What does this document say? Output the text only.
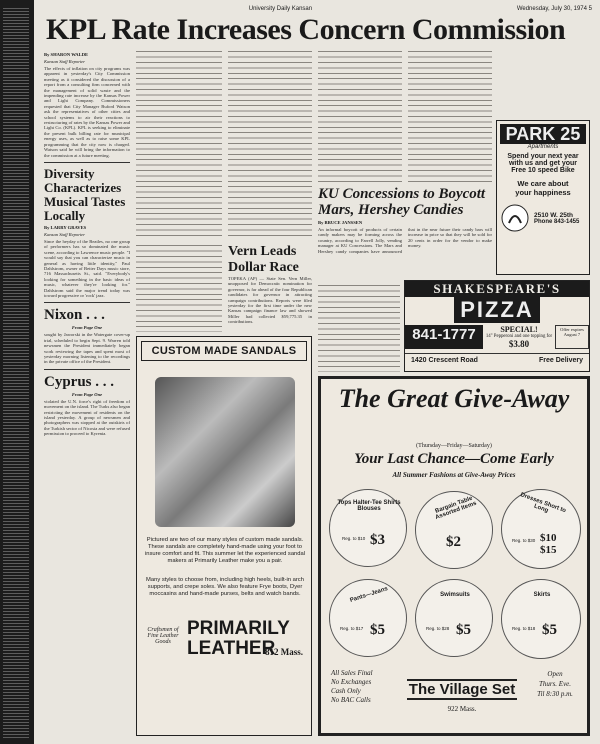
University Daily Kansan	Wednesday, July 30, 1974 5
KPL Rate Increases Concern Commission
By SHARON WALDE
Kansan Staff Reporter

The effects of inflation on city programs was apparent in yesterday's City Commission meeting as it considered the discussion of a report from a consulting firm concerned with the management of solid waste and the impending rate increase by the Kansas Power and Light Company. Commissioners requested that City Manager Buford Watson ask the representatives of other cities and school systems to air their reactions to restructuring of rates by the Kansas Power and Light Co. (KPL). KPL is seeking to eliminate the present bulk billing rate for municipal energy uses, as well as to raise some KPL programming that the city now is charged. Watson said he will bring the information to the commission at a future meeting.

Diversity Characterizes Musical Tastes Locally
By LARRY GRAVES
Kansan Staff Reporter

Since the heyday of the Beatles, no one group of performers has so dominated the music scene, according to Lawrence music people. "I would say that you can characterize music in general as having little identity," Paul Dahlstrom, owner of Better Days music store, 716 Massachusetts St., said. "Everybody's looking for something in the basic ideas of music, whatever they're looking for." Dahlstrom said the major trend today was toward progressive or 'rock' jazz.

Nixon . . .
From Page One

sought by Jaworski in the Watergate cover-up trial, scheduled to begin Sept. 9. Warren told newsmen the President immediately began work reviewing the tapes and spent most of yesterday morning listening to the recordings in the private office of the President.

Cyprus . . .
From Page One

violated the U.N. force's right of freedom of movement on the island. The Turks also began restricting the movement of residents on the island yesterday. A group of newsmen and photographers was stopped at the outskirts of the Turkish sector of Nicosia and were refused permission to proceed to Kyrenia.

Vern Leads Dollar Race

TOPEKA (AP) — State Sen. Vern Miller, unopposed for Democratic nomination for governor, is far ahead of the four Republican candidates for governor in attracting campaign contributions. Reports were filed yesterday for the first time under the new Kansas campaign finance law and showed Miller had collected $59,775.35 in contributions.

PARK 25
Apartments
Spend your next year
with us and get your
Free 10 speed Bike
We care about
your happiness
2510 W. 25th
Phone 843-1455
KU Concessions to Boycott Mars, Hershey Candies
By BRUCE JANSSEN

An informal boycott of products of certain candy makers may be forming across the country, according to Farrell Jolly, vending manager at KU Concessions. The Mars and Hershey candy companies have announced that in the near future their candy bars will increase in price so that they will be sold for 20 cents in order for the vendor to make money.

SHAKESPEARE'S
PIZZA
841-1777	SPECIAL!
14" Pepperoni and one topping for
$3.80
Offer expires August 7
1420 Crescent Road	Free Delivery

CUSTOM MADE SANDALS

Pictured are two of our many styles of custom made sandals. These sandals are completely hand-made using your foot to insure comfort and fit. This summer let the experienced sandal makers at Primarily Leather make you a pair.

Many styles to choose from, including high heels, built-in arch supports, and crepe soles. We also feature Frye boots, Dyer moccasins and hand-made purses, belts and watch bands.

Craftsmen of Fine Leather Goods
PRIMARILY
LEATHER
812 Mass.
The Great Give-Away
(Thursday—Friday—Saturday)
Your Last Chance—Come Early
All Summer Fashions at Give-Away Prices
Tops Halter-Tee Shirts Blouses
Reg. to $10 $3
Bargain Table Assorted Items
$2
Dresses Short to Long
Reg. to $30 $10 $15
Pants—Jeans
Reg. to $17 $5
Swimsuits
Reg. to $28 $5
Skirts
Reg. to $18 $5
All Sales Final
No Exchanges
Cash Only
No BAC Calls
The Village Set
922 Mass.
Open
Thurs. Eve.
Til 8:30 p.m.
